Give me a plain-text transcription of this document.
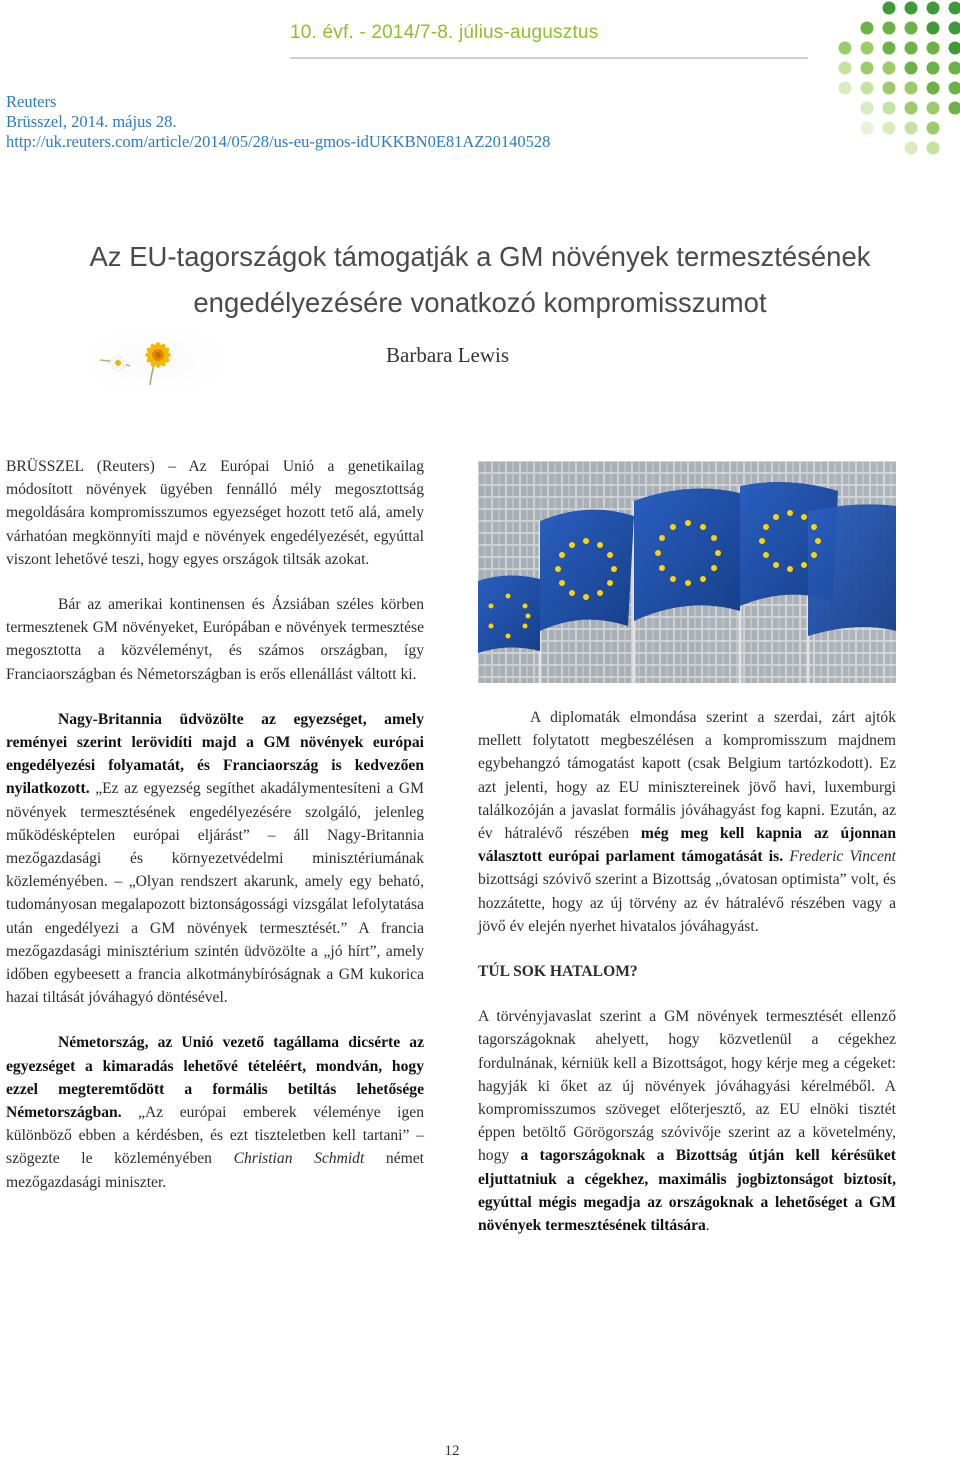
10. évf. - 2014/7-8. július-augusztus
Reuters
Brüsszel, 2014. május 28.
http://uk.reuters.com/article/2014/05/28/us-eu-gmos-idUKKBN0E81AZ20140528
Az EU-tagországok támogatják a GM növények termesztésének
engedélyezésére vonatkozó kompromisszumot
Barbara Lewis

BRÜSSZEL (Reuters) – Az Európai Unió a genetikailag módosított növények ügyében fennálló mély megosztottság megoldására kompromisszumos egyezséget hozott tető alá, amely várhatóan megkönnyíti majd e növények engedélyezését, egyúttal viszont lehetővé teszi, hogy egyes országok tiltsák azokat.

Bár az amerikai kontinensen és Ázsiában széles körben termesztenek GM növényeket, Európában e növények termesztése megosztotta a közvéleményt, és számos országban, így Franciaországban és Németországban is erős ellenállást váltott ki.

Nagy-Britannia üdvözölte az egyezséget, amely reményei szerint lerövidíti majd a GM növények európai engedélyezési folyamatát, és Franciaország is kedvezően nyilatkozott. „Ez az egyezség segíthet akadálymentesíteni a GM növények termesztésének engedélyezésére szolgáló, jelenleg működésképtelen európai eljárást” – áll Nagy-Britannia mezőgazdasági és környezetvédelmi minisztériumának közleményében. – „Olyan rendszert akarunk, amely egy beható, tudományosan megalapozott biztonságossági vizsgálat lefolytatása után engedélyezi a GM növények termesztését.” A francia mezőgazdasági minisztérium szintén üdvözölte a „jó hírt”, amely időben egybeesett a francia alkotmánybíróságnak a GM kukorica hazai tiltását jóváhagyó döntésével.

Németország, az Unió vezető tagállama dicsérte az egyezséget a kimaradás lehetővé tételéért, mondván, hogy ezzel megteremtődött a formális betiltás lehetősége Németországban. „Az európai emberek véleménye igen különböző ebben a kérdésben, és ezt tiszteletben kell tartani” – szögezte le közleményében Christian Schmidt német mezőgazdasági miniszter.

A diplomaták elmondása szerint a szerdai, zárt ajtók mellett folytatott megbeszélésen a kompromisszum majdnem egybehangzó támogatást kapott (csak Belgium tartózkodott). Ez azt jelenti, hogy az EU minisztereinek jövő havi, luxemburgi találkozóján a javaslat formális jóváhagyást fog kapni. Ezután, az év hátralévő részében még meg kell kapnia az újonnan választott európai parlament támogatását is. Frederic Vincent bizottsági szóvivő szerint a Bizottság „óvatosan optimista” volt, és hozzátette, hogy az új törvény az év hátralévő részében vagy a jövő év elején nyerhet hivatalos jóváhagyást.

TÚL SOK HATALOM?

A törvényjavaslat szerint a GM növények termesztését ellenző tagországoknak ahelyett, hogy közvetlenül a cégekhez fordulnának, kérniük kell a Bizottságot, hogy kérje meg a cégeket: hagyják ki őket az új növények jóváhagyási kérelméből. A kompromisszumos szöveget előterjesztő, az EU elnöki tisztét éppen betöltő Görögország szóvivője szerint az a követelmény, hogy a tagországoknak a Bizottság útján kell kérésüket eljuttatniuk a cégekhez, maximális jogbiztonságot biztosít, egyúttal mégis megadja az országoknak a lehetőséget a GM növények termesztésének tiltására.

12
